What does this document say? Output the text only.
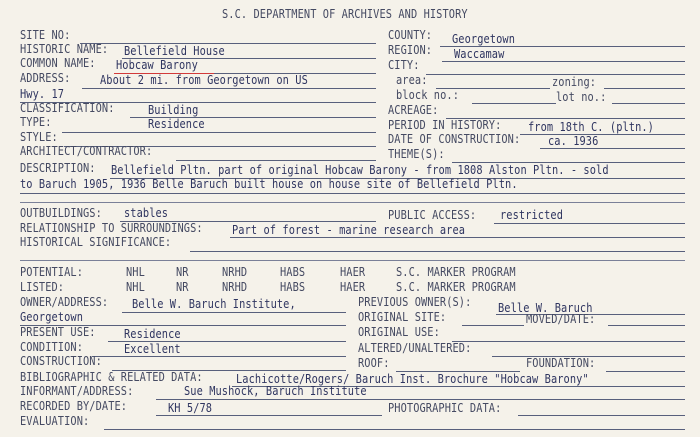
S.C. DEPARTMENT OF ARCHIVES AND HISTORY
SITE NO:
HISTORIC NAME: Bellefield House
COMMON NAME: Hobcaw Barony
ADDRESS: About 2 mi. from Georgetown on US
Hwy. 17
CLASSIFICATION:	Building
TYPE:	Residence
STYLE:
ARCHITECT/CONTRACTOR:
COUNTY: Georgetown
REGION: Waccamaw
CITY:
area:	zoning:
block no.:	lot no.:
ACREAGE:
PERIOD IN HISTORY: from 18th C. (pltn.)
DATE OF CONSTRUCTION: ca. 1936
THEME(S):
DESCRIPTION: Bellefield Pltn. part of original Hobcaw Barony - from 1808 Alston Pltn. - sold
to Baruch 1905, 1936 Belle Baruch built house on house site of Bellefield Pltn.
OUTBUILDINGS: stables	PUBLIC ACCESS: restricted
RELATIONSHIP TO SURROUNDINGS: Part of forest - marine research area
HISTORICAL SIGNIFICANCE:
POTENTIAL:	NHL	NR	NRHD	HABS	HAER	S.C. MARKER PROGRAM
LISTED:	NHL	NR	NRHD	HABS	HAER	S.C. MARKER PROGRAM
OWNER/ADDRESS: Belle W. Baruch Institute,
Georgetown
PREVIOUS OWNER(S): Belle W. Baruch
ORIGINAL SITE:	MOVED/DATE:
PRESENT USE: Residence	ORIGINAL USE:
CONDITION:	Excellent	ALTERED/UNALTERED:
CONSTRUCTION:	ROOF:	FOUNDATION:
BIBLIOGRAPHIC & RELATED DATA:	Lachicotte/Rogers/ Baruch Inst. Brochure "Hobcaw Barony"
INFORMANT/ADDRESS:	Sue Mushock, Baruch Institute
RECORDED BY/DATE:	KH 5/78	PHOTOGRAPHIC DATA:
EVALUATION:
